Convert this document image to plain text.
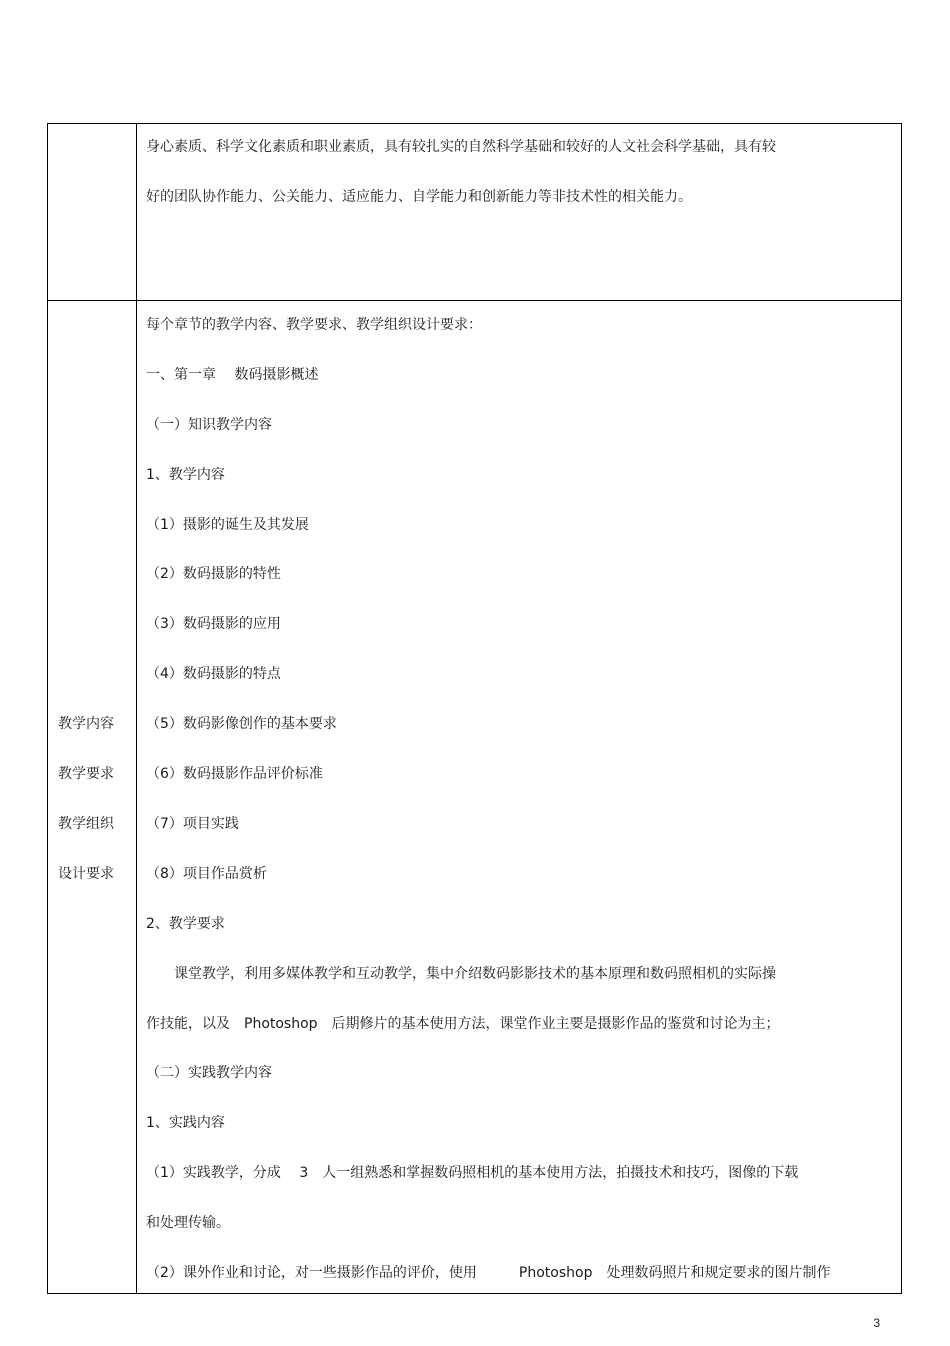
身心素质、科学文化素质和职业素质，具有较扎实的自然科学基础和较好的人文社会科学基础，具有较
好的团队协作能力、公关能力、适应能力、自学能力和创新能力等非技术性的相关能力。
教学内容
教学要求
教学组织
设计要求
每个章节的教学内容、教学要求、教学组织设计要求：
一、第一章　 数码摄影概述
（一）知识教学内容
1、教学内容
（1）摄影的诞生及其发展
（2）数码摄影的特性
（3）数码摄影的应用
（4）数码摄影的特点
（5）数码影像创作的基本要求
（6）数码摄影作品评价标准
（7）项目实践
（8）项目作品赏析
2、教学要求
　　课堂教学，利用多媒体教学和互动教学，集中介绍数码影影技术的基本原理和数码照相机的实际操
作技能，以及　Photoshop　后期修片的基本使用方法，课堂作业主要是摄影作品的鉴赏和讨论为主；
（二）实践教学内容
1、实践内容
（1）实践教学，分成　 3　人一组熟悉和掌握数码照相机的基本使用方法，拍摄技术和技巧，图像的下载
和处理传输。
（2）课外作业和讨论，对一些摄影作品的评价，使用　　　Photoshop　处理数码照片和规定要求的图片制作
3
